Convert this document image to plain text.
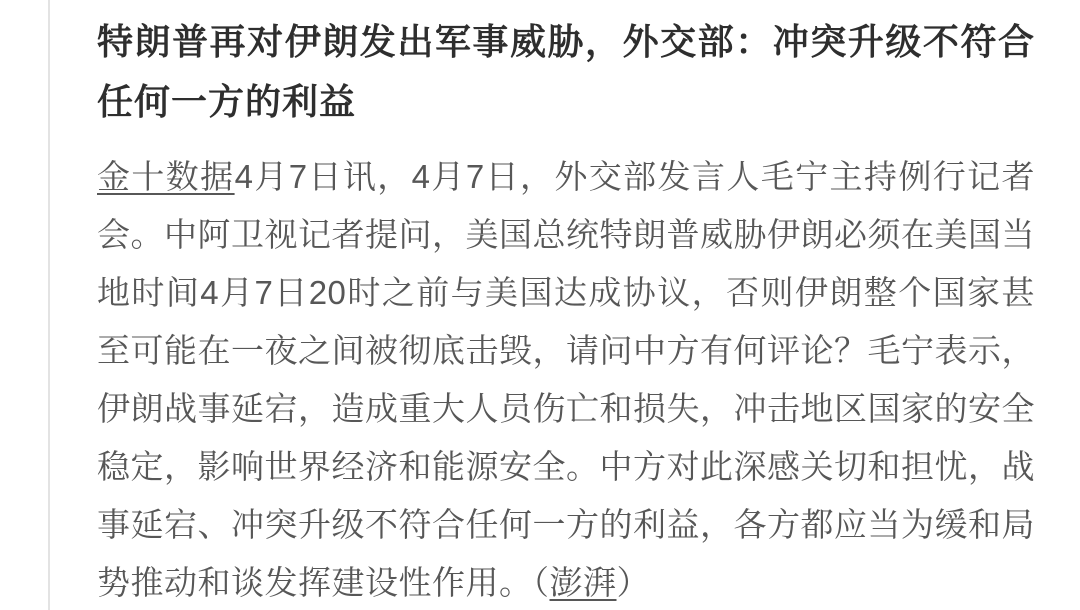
特朗普再对伊朗发出军事威胁，外交部：冲突升级不符合任何一方的利益

金十数据4月7日讯，4月7日，外交部发言人毛宁主持例行记者会。中阿卫视记者提问，美国总统特朗普威胁伊朗必须在美国当地时间4月7日20时之前与美国达成协议，否则伊朗整个国家甚至可能在一夜之间被彻底击毁，请问中方有何评论？毛宁表示，伊朗战事延宕，造成重大人员伤亡和损失，冲击地区国家的安全稳定，影响世界经济和能源安全。中方对此深感关切和担忧，战事延宕、冲突升级不符合任何一方的利益，各方都应当为缓和局势推动和谈发挥建设性作用。（澎湃）
